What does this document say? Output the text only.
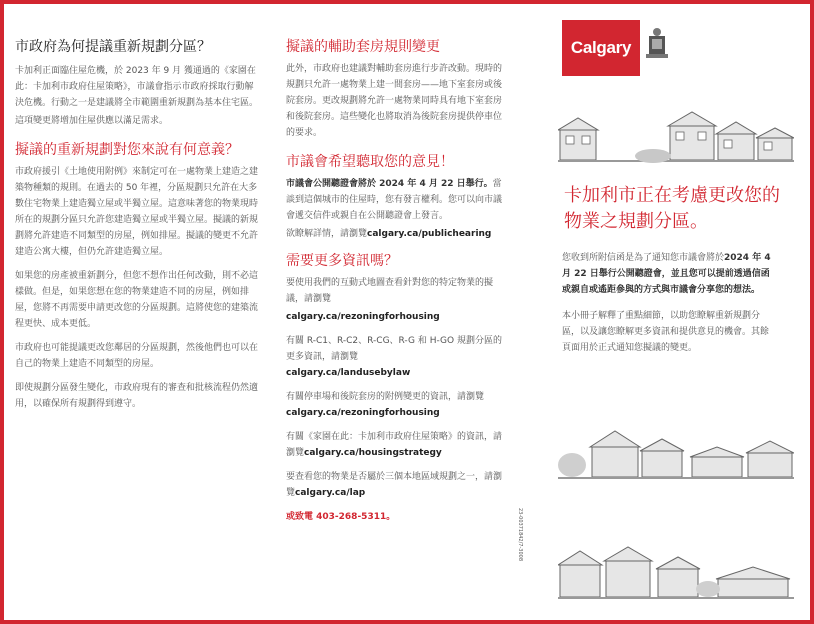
市政府為何提議重新規劃分區？

卡加利正面臨住屋危機，於 2023 年 9 月 獲通過的《家園在此：卡加利市政府住屋策略》，市議會指示市政府採取行動解決危機。行動之一是建議將全市範圍重新規劃為基本住宅區。

這項變更將增加住屋供應以滿足需求。

擬議的重新規劃對您來說有何意義？

市政府援引《土地使用附例》來制定可在一處物業上建造之建築物種類的規則。在過去的 50 年裡，分區規劃只允許在大多數住宅物業上建造獨立屋或半獨立屋。這意味著您的物業現時所在的規劃分區只允許您建造獨立屋或半獨立屋。擬議的新規劃將允許建造不同類型的房屋，例如排屋。擬議的變更不允許建造公寓大樓，但仍允許建造獨立屋。

如果您的房產被重新劃分，但您不想作出任何改動，則不必這樣做。但是，如果您想在您的物業建造不同的房屋，例如排屋，您將不再需要申請更改您的分區規劃。這將使您的建築流程更快、成本更低。

市政府也可能提議更改您鄰居的分區規劃，然後他們也可以在自己的物業上建造不同類型的房屋。

即使規劃分區發生變化，市政府現有的審查和批核流程仍然適用，以確保所有規劃得到遵守。

擬議的輔助套房規則變更

此外，市政府也建議對輔助套房進行步許改動。現時的規劃只允許一處物業上建一間套房——地下室套房或後院套房。更改規劃將允許一處物業同時具有地下室套房和後院套房。這些變化也將取消為後院套房提供停車位的要求。

市議會希望聽取您的意見！

市議會公開聽證會將於 2024 年 4 月 22 日舉行。當談到這個城市的住屋時，您有發言權利。您可以向市議會遞交信件或親自在公開聽證會上發言。

欲瞭解詳情，請瀏覽calgary.ca/publichearing

需要更多資訊嗎？

要使用我們的互動式地圖查看針對您的特定物業的擬議，請瀏覽

calgary.ca/rezoningforhousing

有關 R-C1、R-C2、R-CG、R-G 和 H-GO 規劃分區的更多資訊，請瀏覽

calgary.ca/landusebylaw

有關停車場和後院套房的附例變更的資訊，請瀏覽calgary.ca/rezoningforhousing

有關《家園在此：卡加利市政府住屋策略》的資訊，請瀏覽calgary.ca/housingstrategy

要查看您的物業是否屬於三個本地區域規劃之一，請瀏覽calgary.ca/lap

或致電 403-268-5311。	23-00371842/7-3008
Calgary
卡加利市正在考慮更改您的物業之規劃分區。

您收到所附信函是為了通知您市議會將於2024 年 4 月 22 日舉行公開聽證會，並且您可以提前透過信函或親自或遙距參與的方式與市議會分享您的想法。

本小冊子解釋了重點細節，以助您瞭解重新規劃分區，以及讓您瞭解更多資訊和提供意見的機會。其餘頁面用於正式通知您擬議的變更。
